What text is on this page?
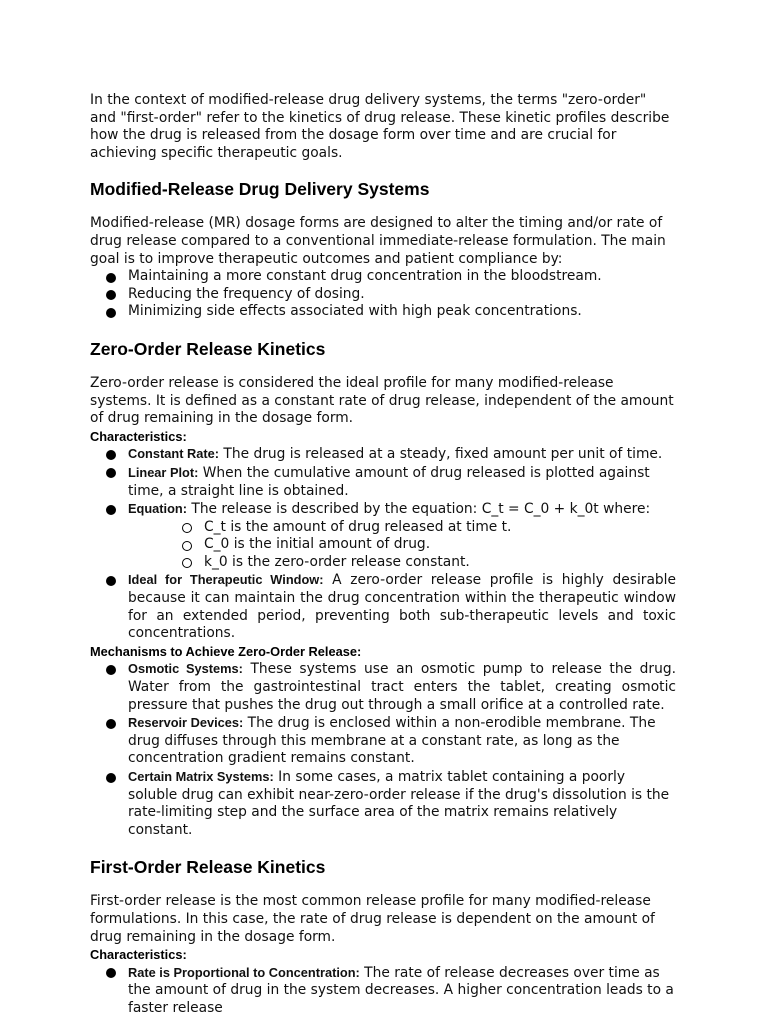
In the context of modified-release drug delivery systems, the terms "zero-order" and "first-order" refer to the kinetics of drug release. These kinetic profiles describe how the drug is released from the dosage form over time and are crucial for achieving specific therapeutic goals.

Modified-Release Drug Delivery Systems

Modified-release (MR) dosage forms are designed to alter the timing and/or rate of drug release compared to a conventional immediate-release formulation. The main goal is to improve therapeutic outcomes and patient compliance by:

Maintaining a more constant drug concentration in the bloodstream.
Reducing the frequency of dosing.
Minimizing side effects associated with high peak concentrations.
Zero-Order Release Kinetics

Zero-order release is considered the ideal profile for many modified-release systems. It is defined as a constant rate of drug release, independent of the amount of drug remaining in the dosage form.

Characteristics:

Constant Rate: The drug is released at a steady, fixed amount per unit of time.
Linear Plot: When the cumulative amount of drug released is plotted against time, a straight line is obtained.
Equation: The release is described by the equation: C_t = C_0 + k_0t where:
C_t is the amount of drug released at time t.
C_0 is the initial amount of drug.
k_0 is the zero-order release constant.
Ideal for Therapeutic Window: A zero-order release profile is highly desirable because it can maintain the drug concentration within the therapeutic window for an extended period, preventing both sub-therapeutic levels and toxic concentrations.

Mechanisms to Achieve Zero-Order Release:

Osmotic Systems: These systems use an osmotic pump to release the drug. Water from the gastrointestinal tract enters the tablet, creating osmotic pressure that pushes the drug out through a small orifice at a controlled rate.
Reservoir Devices: The drug is enclosed within a non-erodible membrane. The drug diffuses through this membrane at a constant rate, as long as the concentration gradient remains constant.
Certain Matrix Systems: In some cases, a matrix tablet containing a poorly soluble drug can exhibit near-zero-order release if the drug's dissolution is the rate-limiting step and the surface area of the matrix remains relatively constant.
First-Order Release Kinetics

First-order release is the most common release profile for many modified-release formulations. In this case, the rate of drug release is dependent on the amount of drug remaining in the dosage form.

Characteristics:

Rate is Proportional to Concentration: The rate of release decreases over time as the amount of drug in the system decreases. A higher concentration leads to a faster release
